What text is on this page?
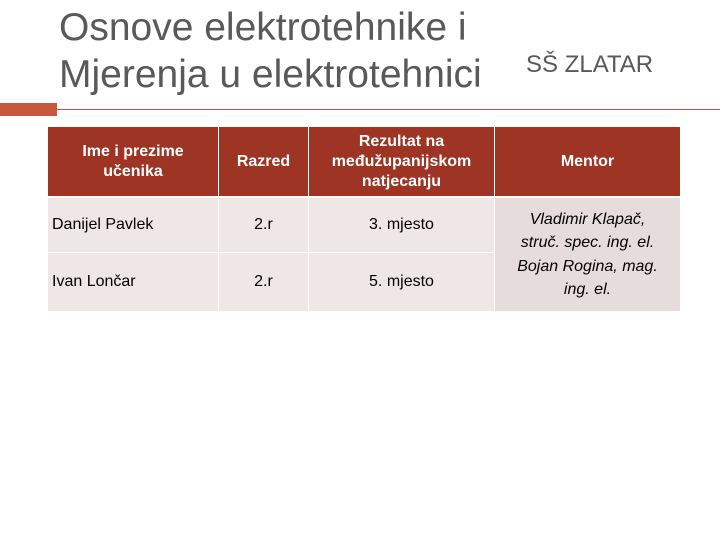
Osnove elektrotehnike i
Mjerenja u elektrotehnici SŠ ZLATAR
Ime i prezime učenika	Razred	Rezultat na međužupanijskom natjecanju	Mentor
Danijel Pavlek	2.r	3. mjesto	Vladimir Klapač,
struč. spec. ing. el.
Bojan Rogina, mag.
ing. el.

Ivan Lončar	2.r	5. mjesto	
